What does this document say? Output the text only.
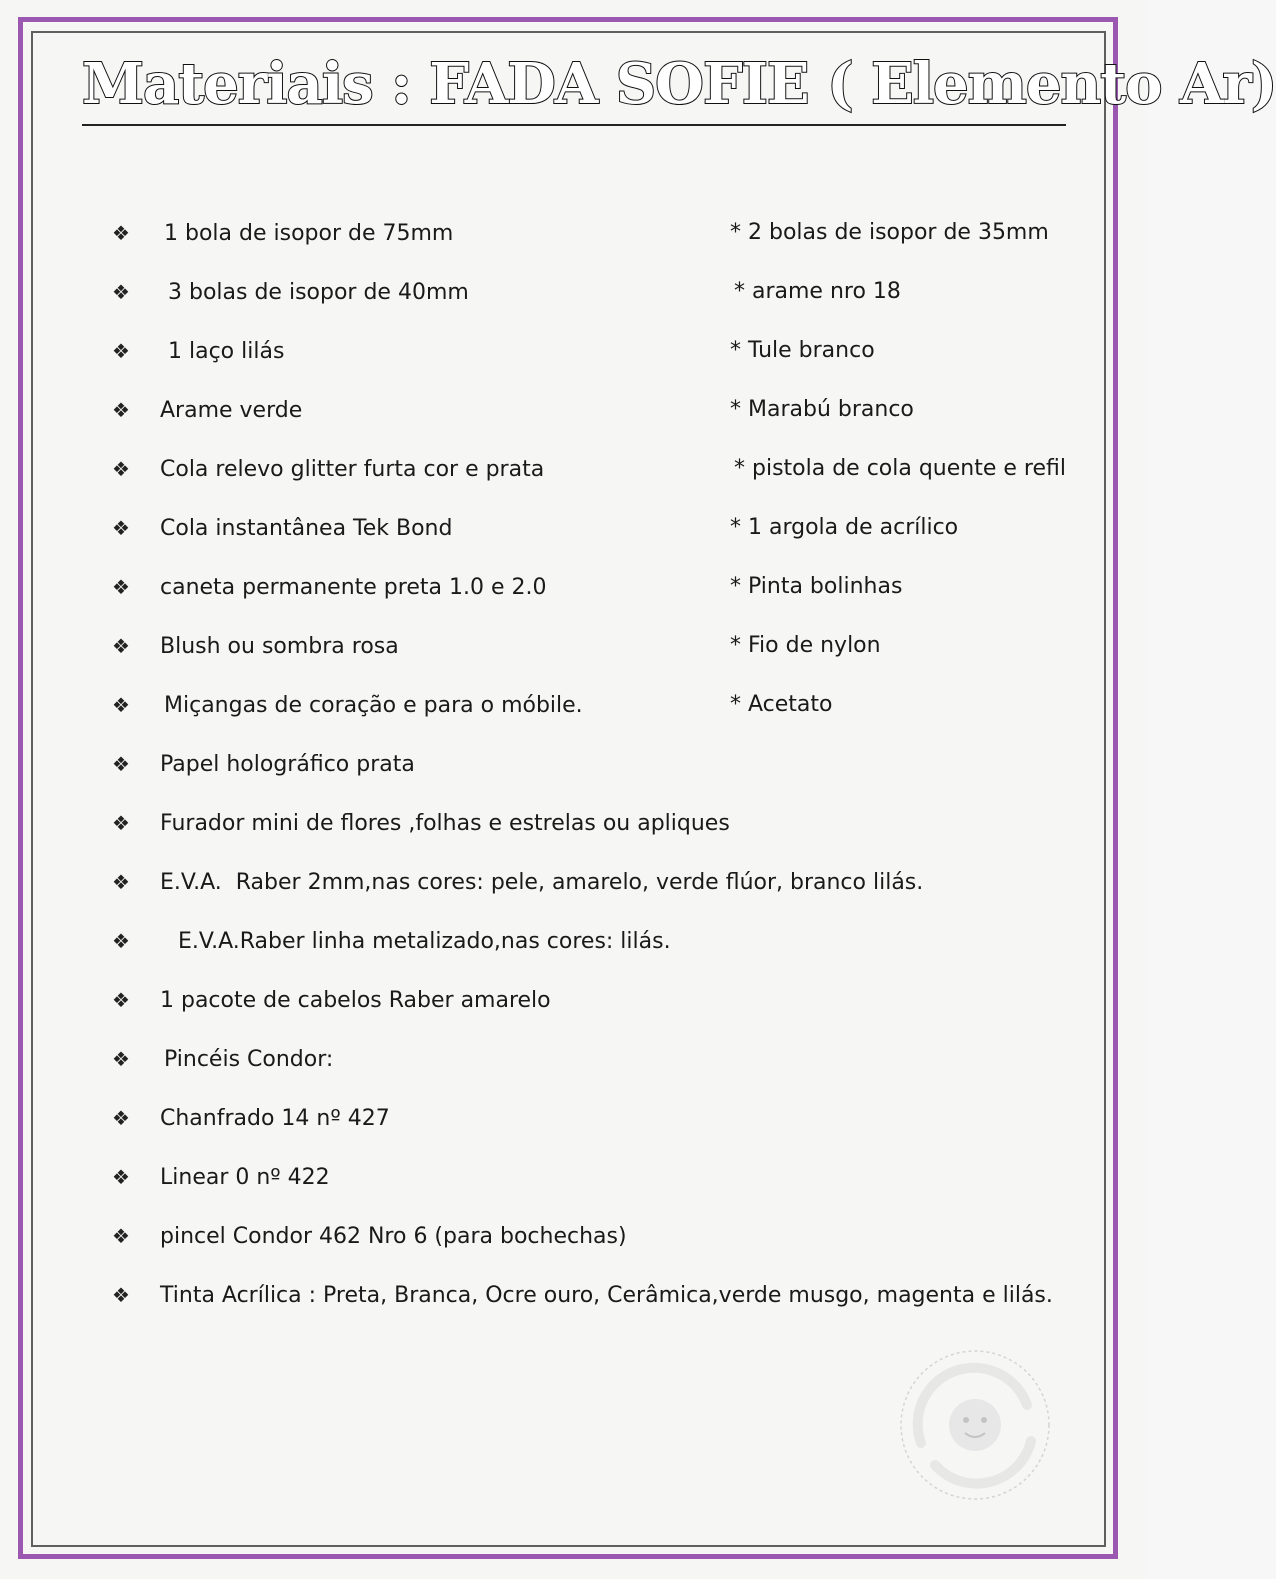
Materiais : FADA SOFIE ( Elemento Ar)
❖ 1 bola de isopor de 75mm
❖ 3 bolas de isopor de 40mm
❖ 1 laço lilás
❖ Arame verde
❖ Cola relevo glitter furta cor e prata
❖ Cola instantânea Tek Bond
❖ caneta permanente preta 1.0 e 2.0
❖ Blush ou sombra rosa
❖ Miçangas de coração e para o móbile.
❖ Papel holográfico prata
❖ Furador mini de flores ,folhas e estrelas ou apliques
❖ E.V.A.  Raber 2mm,nas cores: pele, amarelo, verde flúor, branco lilás.
❖ E.V.A.Raber linha metalizado,nas cores: lilás.
❖ 1 pacote de cabelos Raber amarelo
❖ Pincéis Condor:
❖ Chanfrado 14 nº 427
❖ Linear 0 nº 422
❖ pincel Condor 462 Nro 6 (para bochechas)
❖ Tinta Acrílica : Preta, Branca, Ocre ouro, Cerâmica,verde musgo, magenta e lilás.
* 2 bolas de isopor de 35mm
* arame nro 18
* Tule branco
* Marabú branco
* pistola de cola quente e refil
* 1 argola de acrílico
* Pinta bolinhas
* Fio de nylon
* Acetato
